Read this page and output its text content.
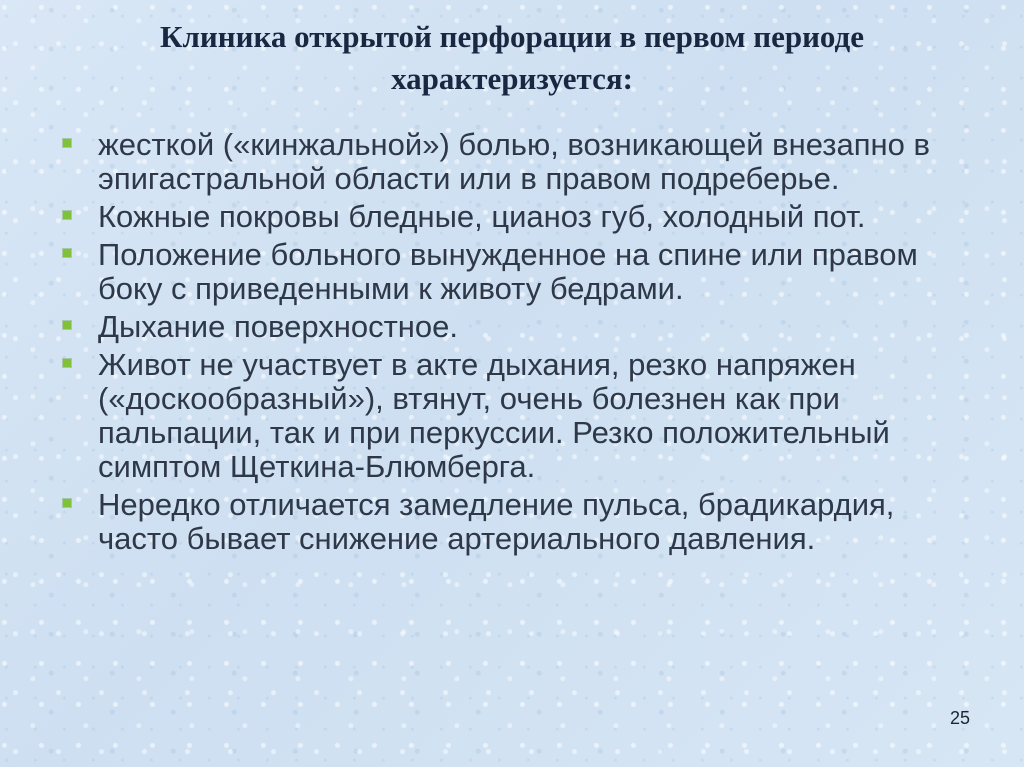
Клиника открытой перфорации в первом периоде
характеризуется:
жесткой («кинжальной») болью, возникающей внезапно в эпигастральной области или в правом подреберье.
Кожные покровы бледные, цианоз губ, холодный пот.
Положение больного вынужденное на спине или правом боку с приведенными к животу бедрами.
Дыхание поверхностное.
Живот не участвует в акте дыхания, резко напряжен («доскообразный»), втянут, очень болезнен как при пальпации, так и при перкуссии. Резко положительный симптом Щеткина-Блюмберга.
Нередко отличается замедление пульса, брадикардия, часто бывает снижение артериального давления.
25
